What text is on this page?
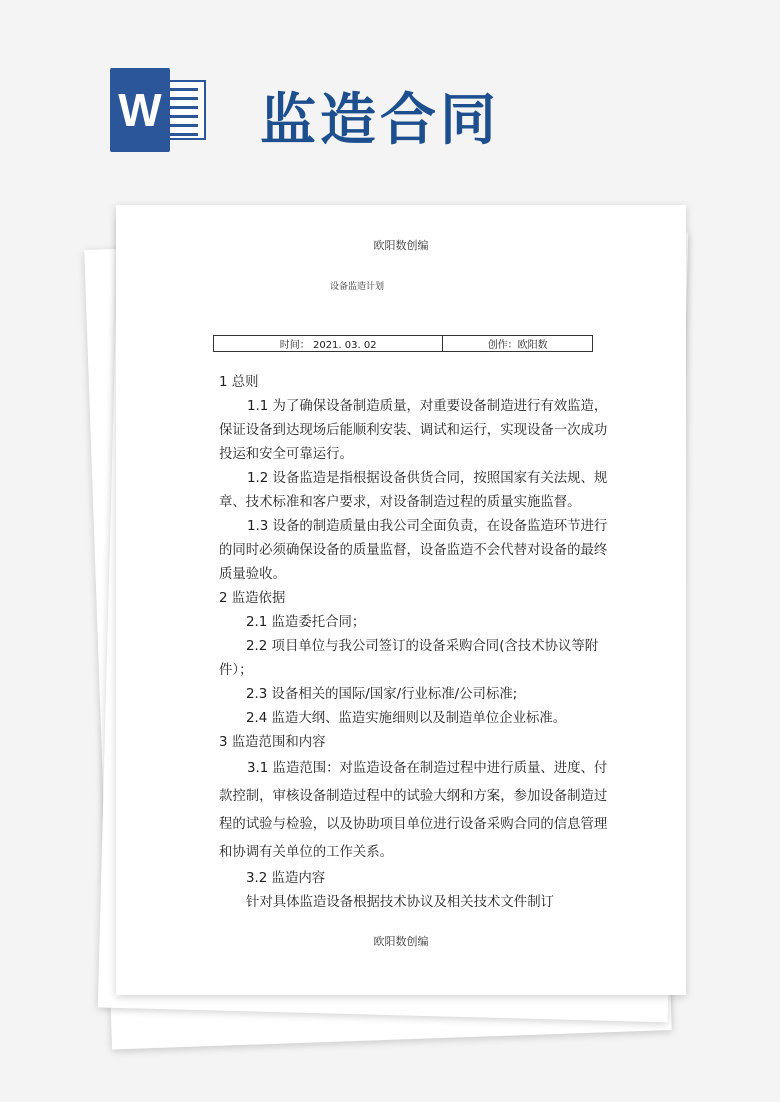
W 监造合同
欧阳数创编
设备监造计划
时间： 2021. 03. 02	创作：欧阳数

1 总则

1.1 为了确保设备制造质量，对重要设备制造进行有效监造，保证设备到达现场后能顺利安装、调试和运行，实现设备一次成功投运和安全可靠运行。

1.2 设备监造是指根据设备供货合同，按照国家有关法规、规章、技术标准和客户要求，对设备制造过程的质量实施监督。

1.3 设备的制造质量由我公司全面负责，在设备监造环节进行的同时必须确保设备的质量监督，设备监造不会代替对设备的最终质量验收。

2 监造依据

2.1 监造委托合同；

2.2 项目单位与我公司签订的设备采购合同(含技术协议等附件）；

2.3 设备相关的国际/国家/行业标准/公司标准;

2.4 监造大纲、监造实施细则以及制造单位企业标准。

3 监造范围和内容

3.1 监造范围：对监造设备在制造过程中进行质量、进度、付款控制，审核设备制造过程中的试验大纲和方案，参加设备制造过程的试验与检验，以及协助项目单位进行设备采购合同的信息管理和协调有关单位的工作关系。

3.2 监造内容

针对具体监造设备根据技术协议及相关技术文件制订

欧阳数创编
